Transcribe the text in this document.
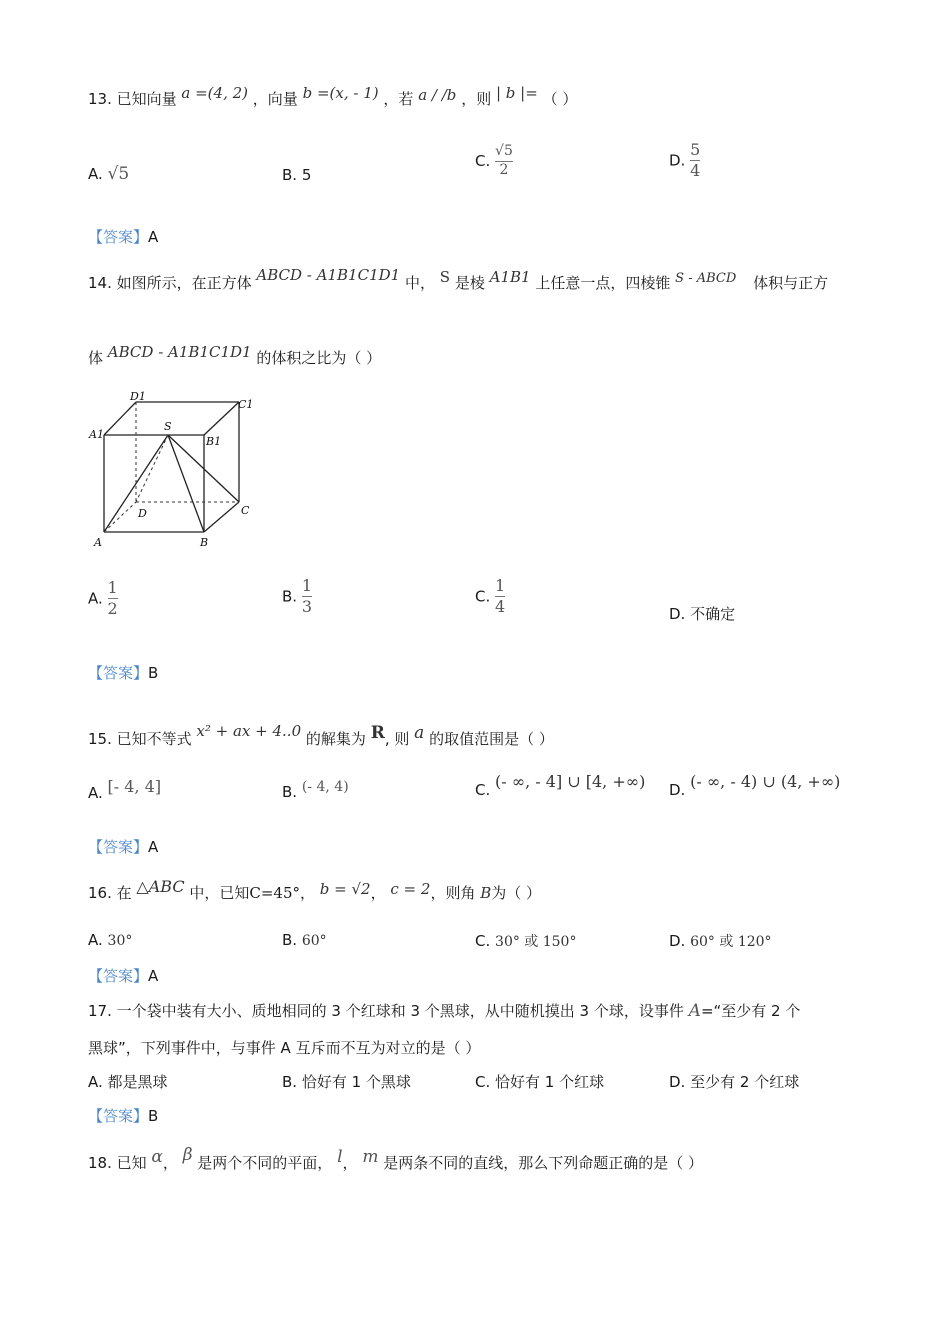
13. 已知向量 a =(4, 2) ，向量 b =(x, - 1) ，若 a / /b ，则 | b |= （ ）
A. √5	B. 5
C. $\frac{√5}{2}$	D. $\frac{5}{4}$
【答案】A
14. 如图所示，在正方体 ABCD - A1B1C1D1 中， S 是棱 A1B1 上任意一点，四棱锥 S - ABCD 体积与正方
体 ABCD - A1B1C1D1 的体积之比为（ ）
D1
C1
A1
S
B1
D	C
A	B
A. $\frac{1}{2}$	B. $\frac{1}{3}$	C. $\frac{1}{4}$	D. 不确定
【答案】B
15. 已知不等式 x² + ax + 4..0 的解集为 R, 则 a 的取值范围是（ ）
A. [- 4, 4]	B. (- 4, 4)	C. (- ∞, - 4] ∪ [4, +∞) D. (- ∞, - 4) ∪ (4, +∞)
【答案】A
16. 在 △ABC 中，已知C=45°， b = √2， c = 2，则角 B为（ ）
A. 30°	B. 60°	C. 30° 或 150°	D. 60° 或 120°
【答案】A
17. 一个袋中装有大小、质地相同的 3 个红球和 3 个黑球，从中随机摸出 3 个球，设事件 A=“至少有 2 个
黑球”，下列事件中，与事件 A 互斥而不互为对立的是（ ）
A. 都是黑球	B. 恰好有 1 个黑球	C. 恰好有 1 个红球	D. 至少有 2 个红球
【答案】B
18. 已知 α， β 是两个不同的平面， l， m 是两条不同的直线，那么下列命题正确的是（ ）
